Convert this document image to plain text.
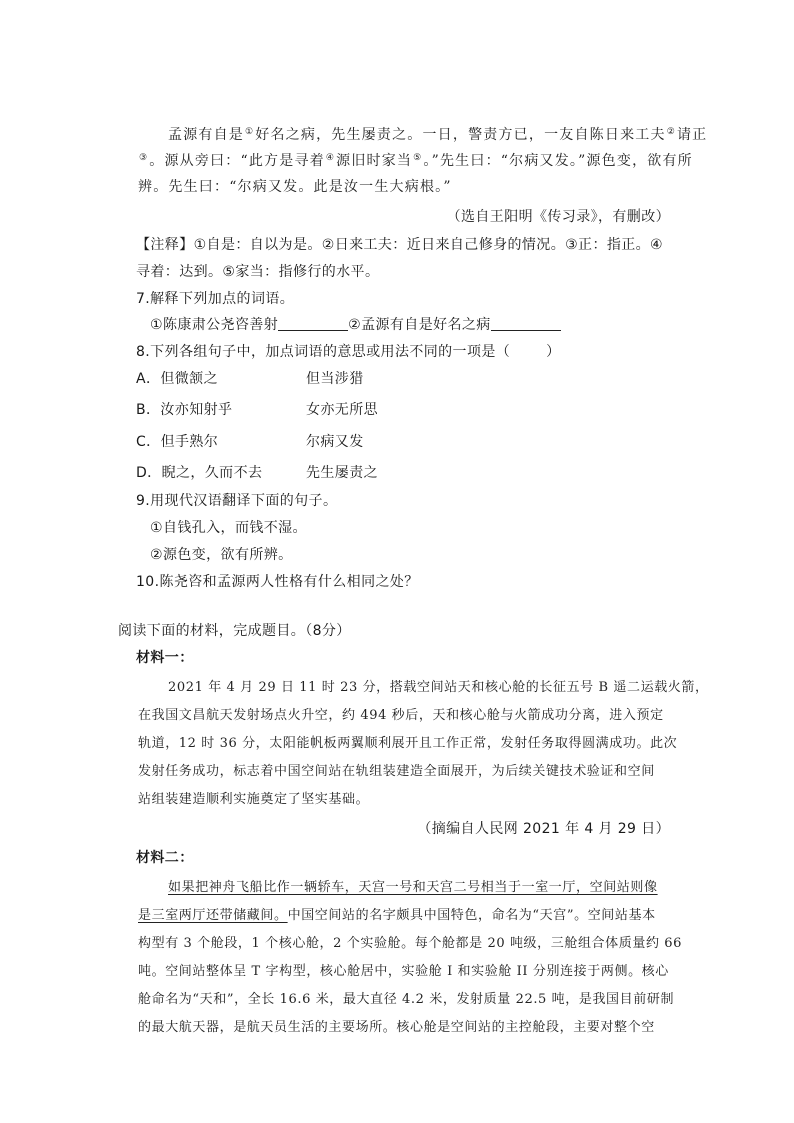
孟源有自是①好名之病，先生屡责之。一日，警责方已，一友自陈日来工夫②请正
③。源从旁曰：“此方是寻着④源旧时家当⑤。”先生曰：“尔病又发。”源色变，欲有所
辨。先生曰：“尔病又发。此是汝一生大病根。”
（选自王阳明《传习录》，有删改）
【注释】①自是：自以为是。②日来工夫：近日来自己修身的情况。③正：指正。④
寻着：达到。⑤家当：指修行的水平。
7.解释下列加点的词语。
①陈康肃公尧咨善射	②孟源有自是好名之病
8.下列各组句子中，加点词语的意思或用法不同的一项是（	）
A．但微颔之	但当涉猎
B．汝亦知射乎	女亦无所思
C．但手熟尔	尔病又发
D．睨之，久而不去	先生屡责之
9.用现代汉语翻译下面的句子。
①自钱孔入，而钱不湿。
②源色变，欲有所辨。
10.陈尧咨和孟源两人性格有什么相同之处？
阅读下面的材料，完成题目。（8分）
材料一：
2021 年 4 月 29 日 11 时 23 分，搭载空间站天和核心舱的长征五号 B 遥二运载火箭，
在我国文昌航天发射场点火升空，约 494 秒后，天和核心舱与火箭成功分离，进入预定
轨道，12 时 36 分，太阳能帆板两翼顺利展开且工作正常，发射任务取得圆满成功。此次
发射任务成功，标志着中国空间站在轨组装建造全面展开，为后续关键技术验证和空间
站组装建造顺利实施奠定了坚实基础。
（摘编自人民网 2021 年 4 月 29 日）
材料二：
如果把神舟飞船比作一辆轿车，天宫一号和天宫二号相当于一室一厅，空间站则像
是三室两厅还带储藏间。中国空间站的名字颇具中国特色，命名为“天宫”。空间站基本
构型有 3 个舱段，1 个核心舱，2 个实验舱。每个舱都是 20 吨级，三舱组合体质量约 66
吨。空间站整体呈 T 字构型，核心舱居中，实验舱 I 和实验舱 II 分别连接于两侧。核心
舱命名为“天和”，全长 16.6 米，最大直径 4.2 米，发射质量 22.5 吨，是我国目前研制
的最大航天器，是航天员生活的主要场所。核心舱是空间站的主控舱段，主要对整个空
